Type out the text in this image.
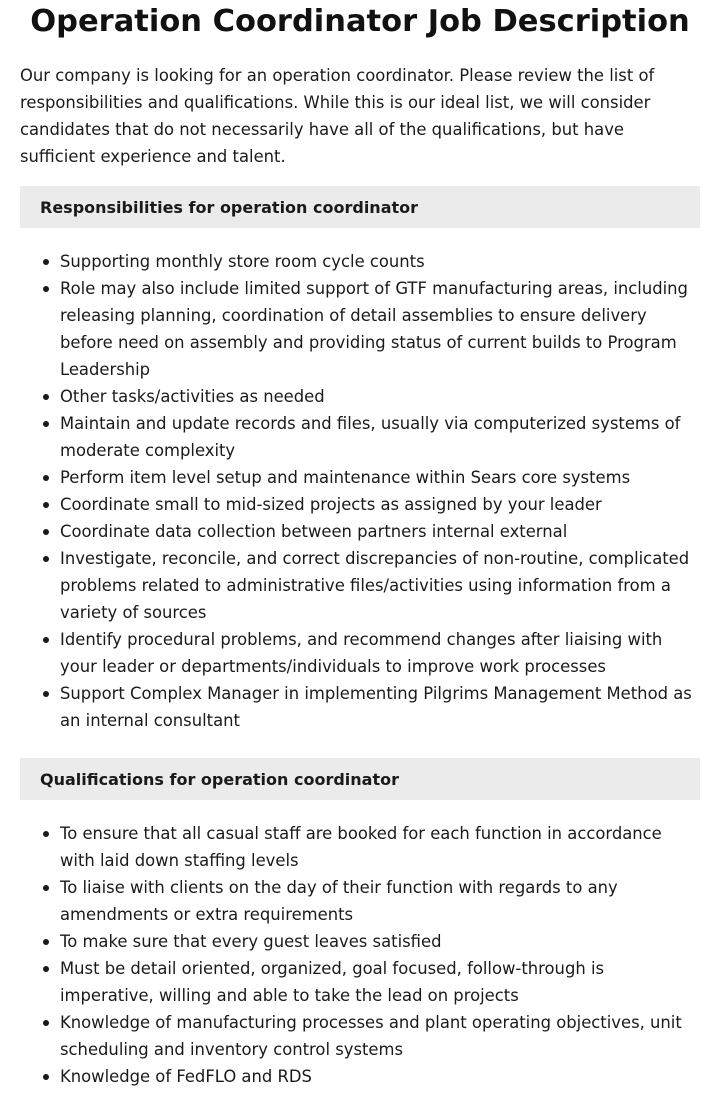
Operation Coordinator Job Description

Our company is looking for an operation coordinator. Please review the list of responsibilities and qualifications. While this is our ideal list, we will consider candidates that do not necessarily have all of the qualifications, but have sufficient experience and talent.

Responsibilities for operation coordinator
Supporting monthly store room cycle counts
Role may also include limited support of GTF manufacturing areas, including releasing planning, coordination of detail assemblies to ensure delivery before need on assembly and providing status of current builds to Program Leadership
Other tasks/activities as needed
Maintain and update records and files, usually via computerized systems of moderate complexity
Perform item level setup and maintenance within Sears core systems
Coordinate small to mid-sized projects as assigned by your leader
Coordinate data collection between partners internal external
Investigate, reconcile, and correct discrepancies of non-routine, complicated problems related to administrative files/activities using information from a variety of sources
Identify procedural problems, and recommend changes after liaising with your leader or departments/individuals to improve work processes
Support Complex Manager in implementing Pilgrims Management Method as an internal consultant
Qualifications for operation coordinator
To ensure that all casual staff are booked for each function in accordance with laid down staffing levels
To liaise with clients on the day of their function with regards to any amendments or extra requirements
To make sure that every guest leaves satisfied
Must be detail oriented, organized, goal focused, follow-through is imperative, willing and able to take the lead on projects
Knowledge of manufacturing processes and plant operating objectives, unit scheduling and inventory control systems
Knowledge of FedFLO and RDS
